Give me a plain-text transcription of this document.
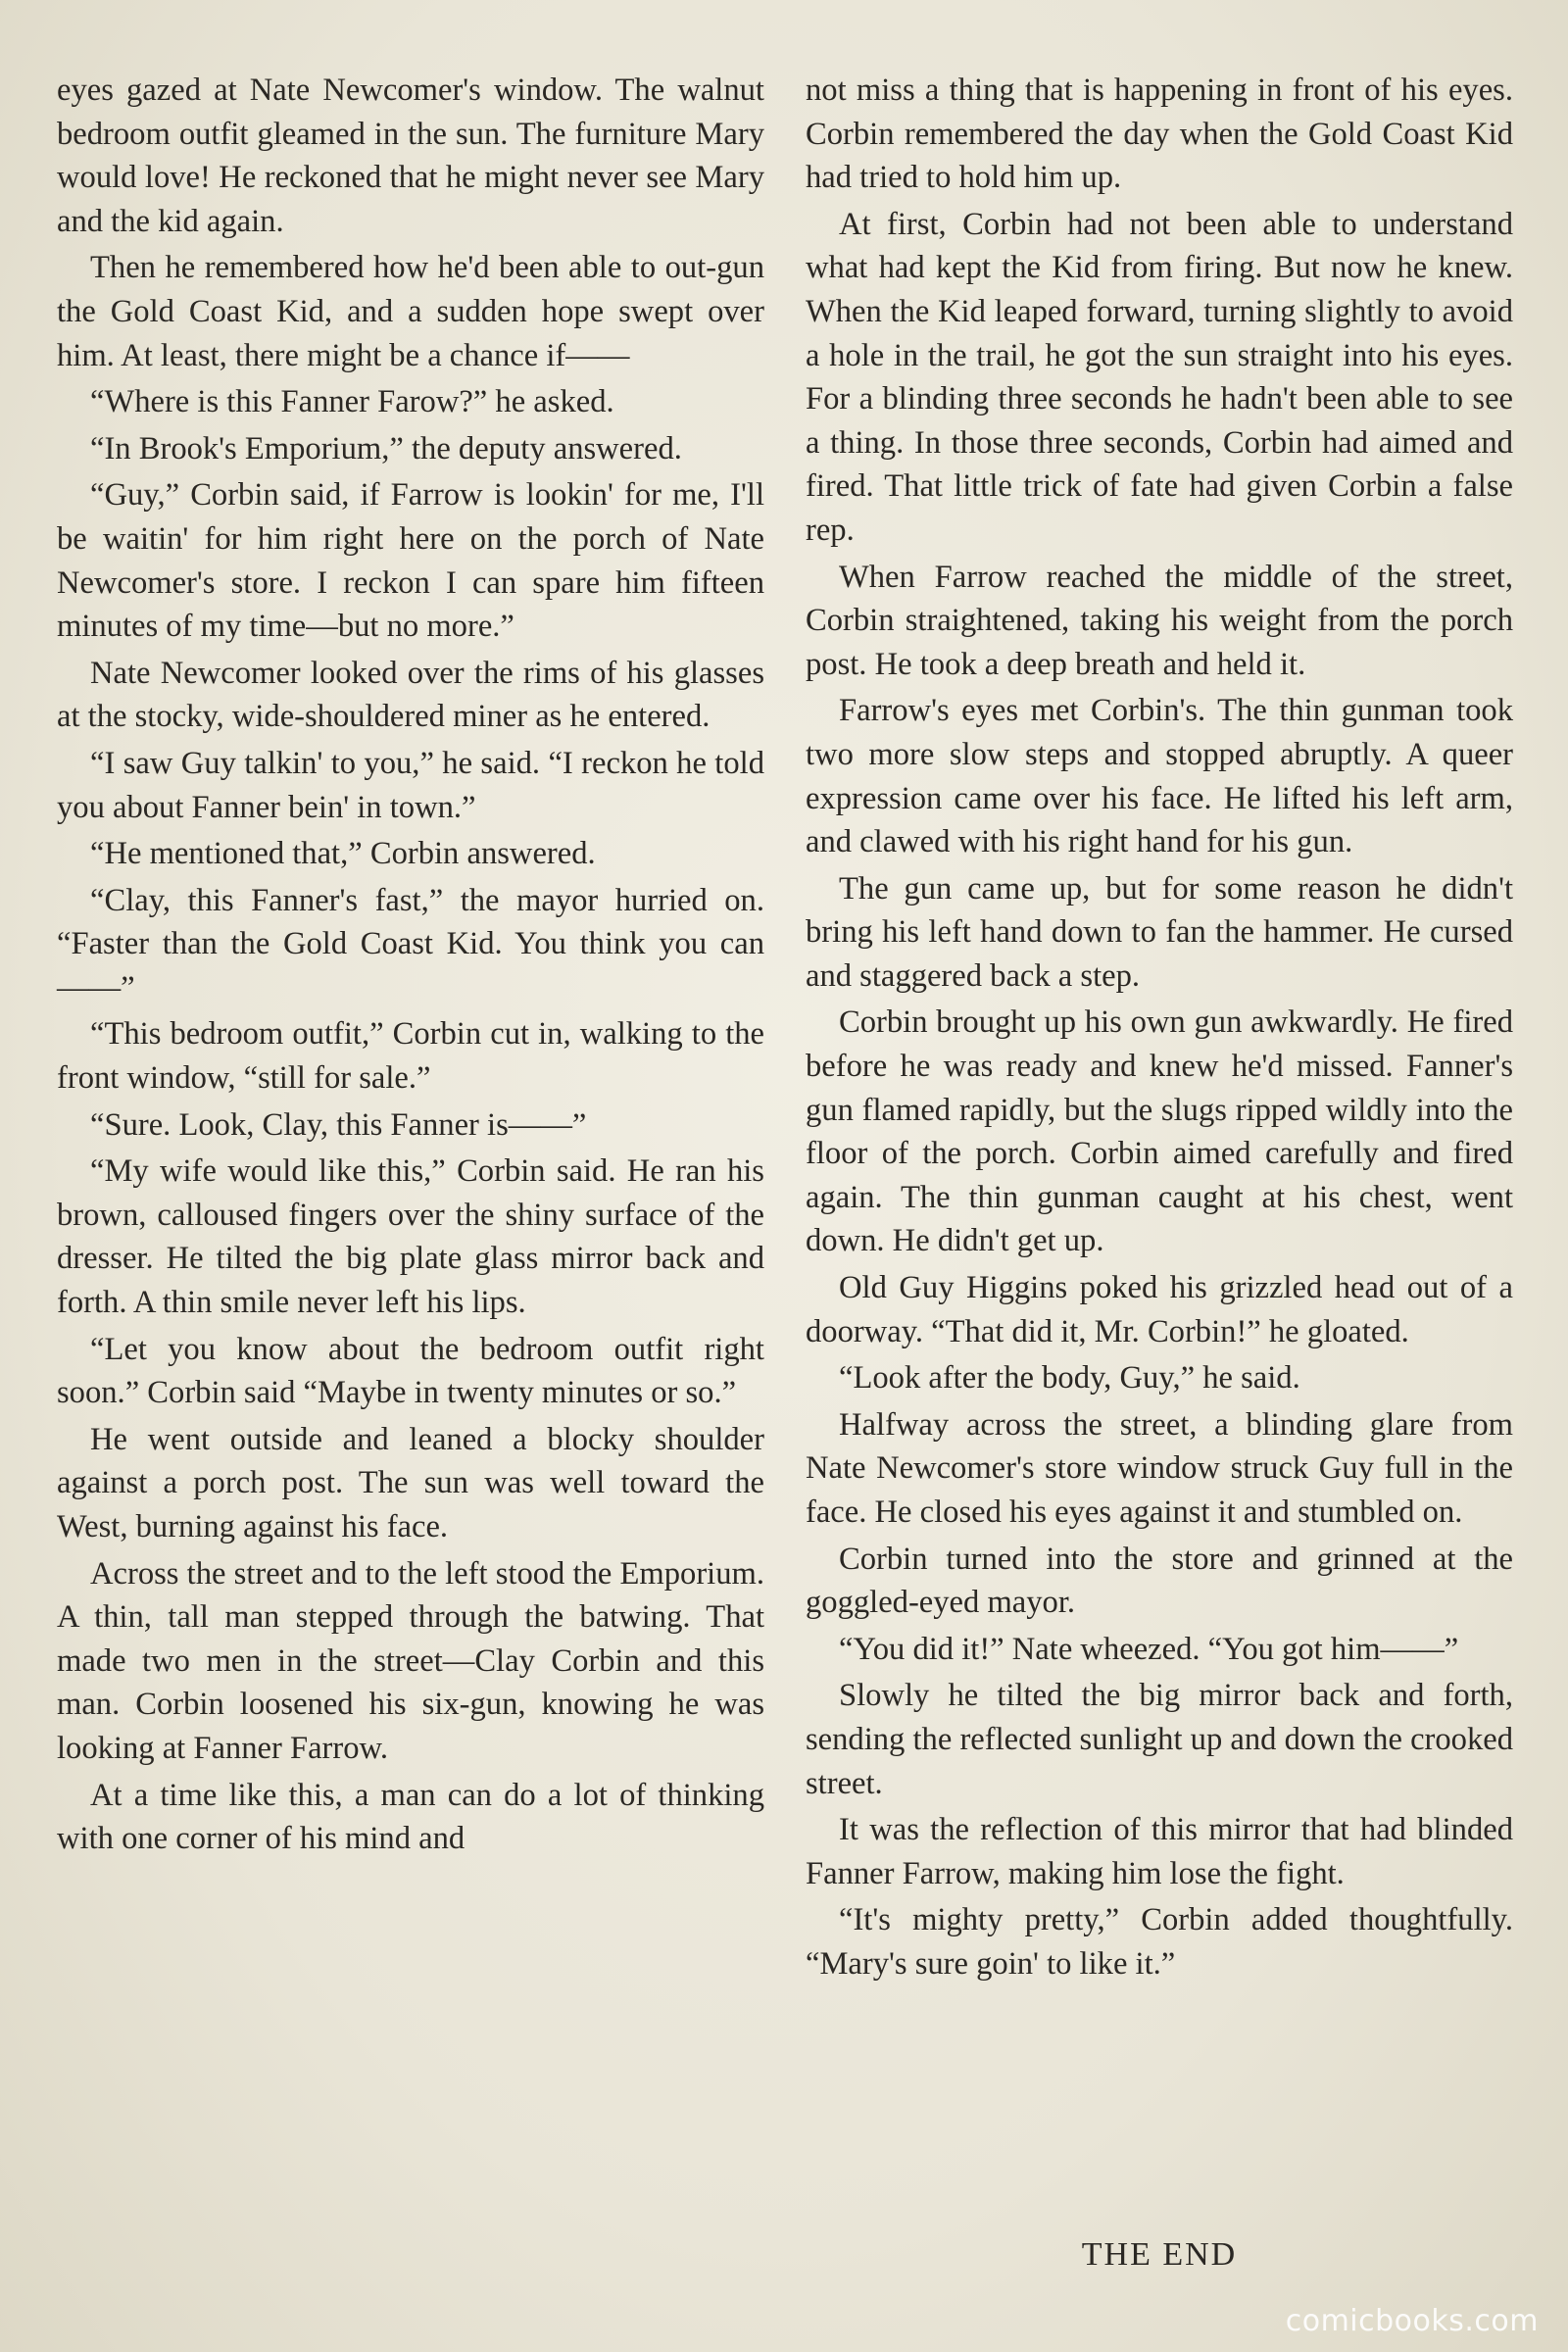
eyes gazed at Nate Newcomer's window. The walnut bedroom outfit gleamed in the sun. The furniture Mary would love! He reckoned that he might never see Mary and the kid again.

Then he remembered how he'd been able to out-gun the Gold Coast Kid, and a sudden hope swept over him. At least, there might be a chance if——

“Where is this Fanner Farow?” he asked.

“In Brook's Emporium,” the deputy answered.

“Guy,” Corbin said, if Farrow is lookin' for me, I'll be waitin' for him right here on the porch of Nate Newcomer's store. I reckon I can spare him fifteen minutes of my time—but no more.”

Nate Newcomer looked over the rims of his glasses at the stocky, wide-shouldered miner as he entered.

“I saw Guy talkin' to you,” he said. “I reckon he told you about Fanner bein' in town.”

“He mentioned that,” Corbin answered.

“Clay, this Fanner's fast,” the mayor hurried on. “Faster than the Gold Coast Kid. You think you can——”

“This bedroom outfit,” Corbin cut in, walking to the front window, “still for sale.”

“Sure. Look, Clay, this Fanner is——”

“My wife would like this,” Corbin said. He ran his brown, calloused fingers over the shiny surface of the dresser. He tilted the big plate glass mirror back and forth. A thin smile never left his lips.

“Let you know about the bedroom outfit right soon.” Corbin said “Maybe in twenty minutes or so.”

He went outside and leaned a blocky shoulder against a porch post. The sun was well toward the West, burning against his face.

Across the street and to the left stood the Emporium. A thin, tall man stepped through the batwing. That made two men in the street—Clay Corbin and this man. Corbin loosened his six-gun, knowing he was looking at Fanner Farrow.

At a time like this, a man can do a lot of thinking with one corner of his mind and

not miss a thing that is happening in front of his eyes. Corbin remembered the day when the Gold Coast Kid had tried to hold him up.

At first, Corbin had not been able to understand what had kept the Kid from firing. But now he knew. When the Kid leaped forward, turning slightly to avoid a hole in the trail, he got the sun straight into his eyes. For a blinding three seconds he hadn't been able to see a thing. In those three seconds, Corbin had aimed and fired. That little trick of fate had given Corbin a false rep.

When Farrow reached the middle of the street, Corbin straightened, taking his weight from the porch post. He took a deep breath and held it.

Farrow's eyes met Corbin's. The thin gunman took two more slow steps and stopped abruptly. A queer expression came over his face. He lifted his left arm, and clawed with his right hand for his gun.

The gun came up, but for some reason he didn't bring his left hand down to fan the hammer. He cursed and staggered back a step.

Corbin brought up his own gun awkwardly. He fired before he was ready and knew he'd missed. Fanner's gun flamed rapidly, but the slugs ripped wildly into the floor of the porch. Corbin aimed carefully and fired again. The thin gunman caught at his chest, went down. He didn't get up.

Old Guy Higgins poked his grizzled head out of a doorway. “That did it, Mr. Corbin!” he gloated.

“Look after the body, Guy,” he said.

Halfway across the street, a blinding glare from Nate Newcomer's store window struck Guy full in the face. He closed his eyes against it and stumbled on.

Corbin turned into the store and grinned at the goggled-eyed mayor.

“You did it!” Nate wheezed. “You got him——”

Slowly he tilted the big mirror back and forth, sending the reflected sunlight up and down the crooked street.

It was the reflection of this mirror that had blinded Fanner Farrow, making him lose the fight.

“It's mighty pretty,” Corbin added thoughtfully. “Mary's sure goin' to like it.”

THE END
comicbooks.com
